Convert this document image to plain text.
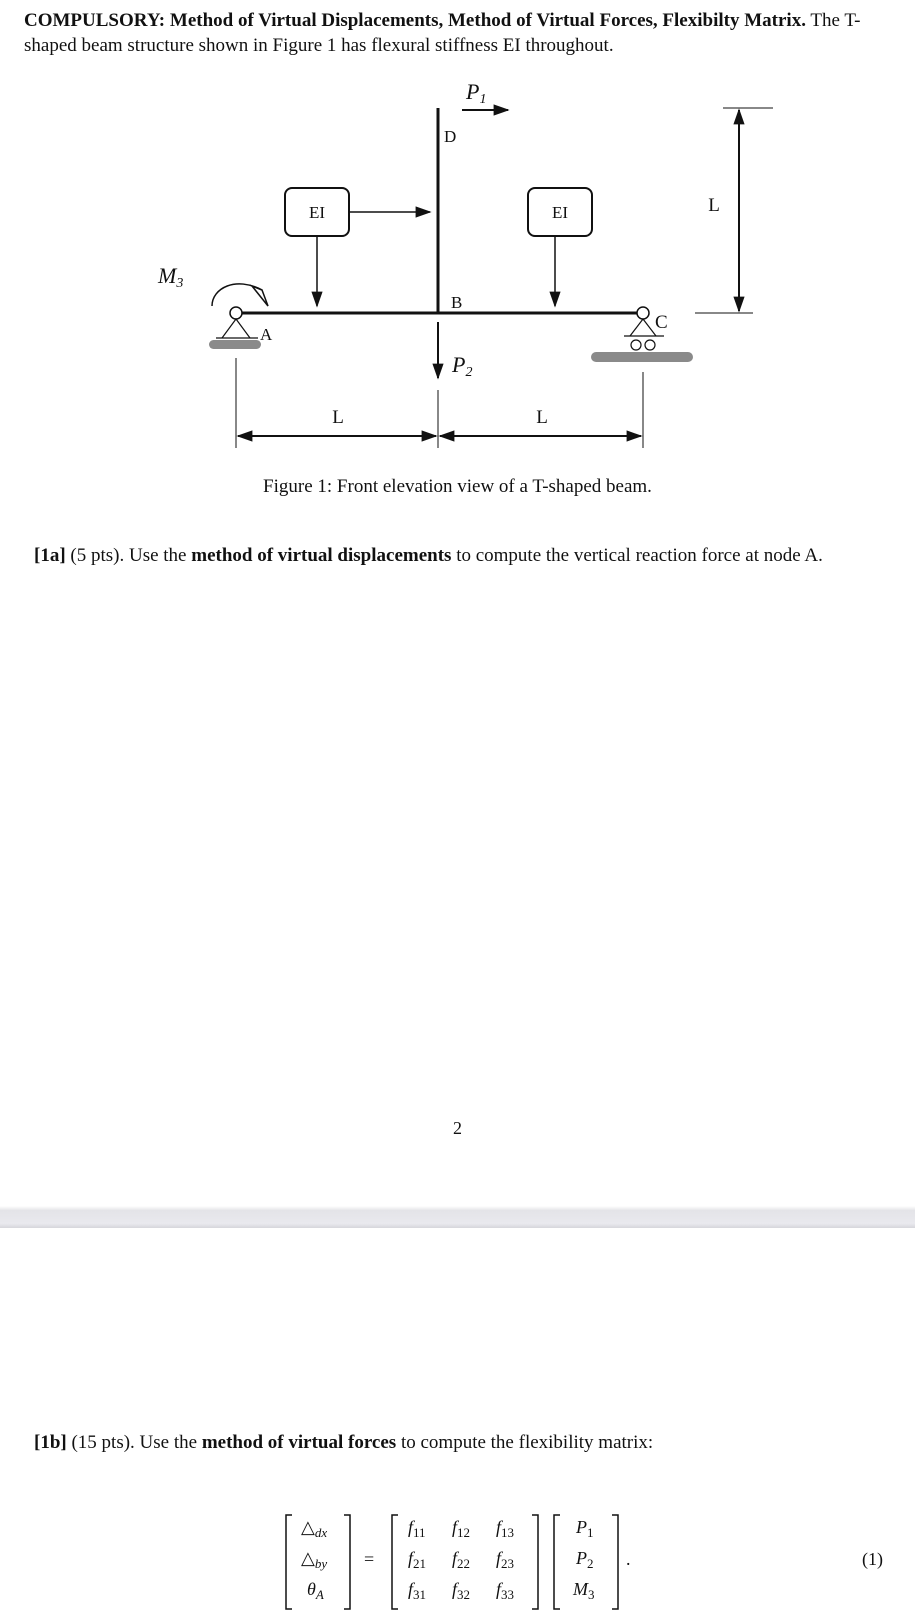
COMPULSORY: Method of Virtual Displacements, Method of Virtual Forces, Flexibilty Matrix. The T-shaped beam structure shown in Figure 1 has flexural stiffness EI throughout.
P1
D
EI	EI
M3
A
B
P2
C
L	L
L
Figure 1: Front elevation view of a T-shaped beam.
[1a] (5 pts). Use the method of virtual displacements to compute the vertical reaction force at node A.
2
[1b] (15 pts). Use the method of virtual forces to compute the flexibility matrix:
$\triangle_{dx}$
$\triangle_{by}$
$\theta_A$
=
$f_{11}$ $f_{12}$ $f_{13}$
$f_{21}$ $f_{22}$ $f_{23}$
$f_{31}$ $f_{32}$ $f_{33}$
$P_1$
$P_2$
$M_3$
.	(1)
